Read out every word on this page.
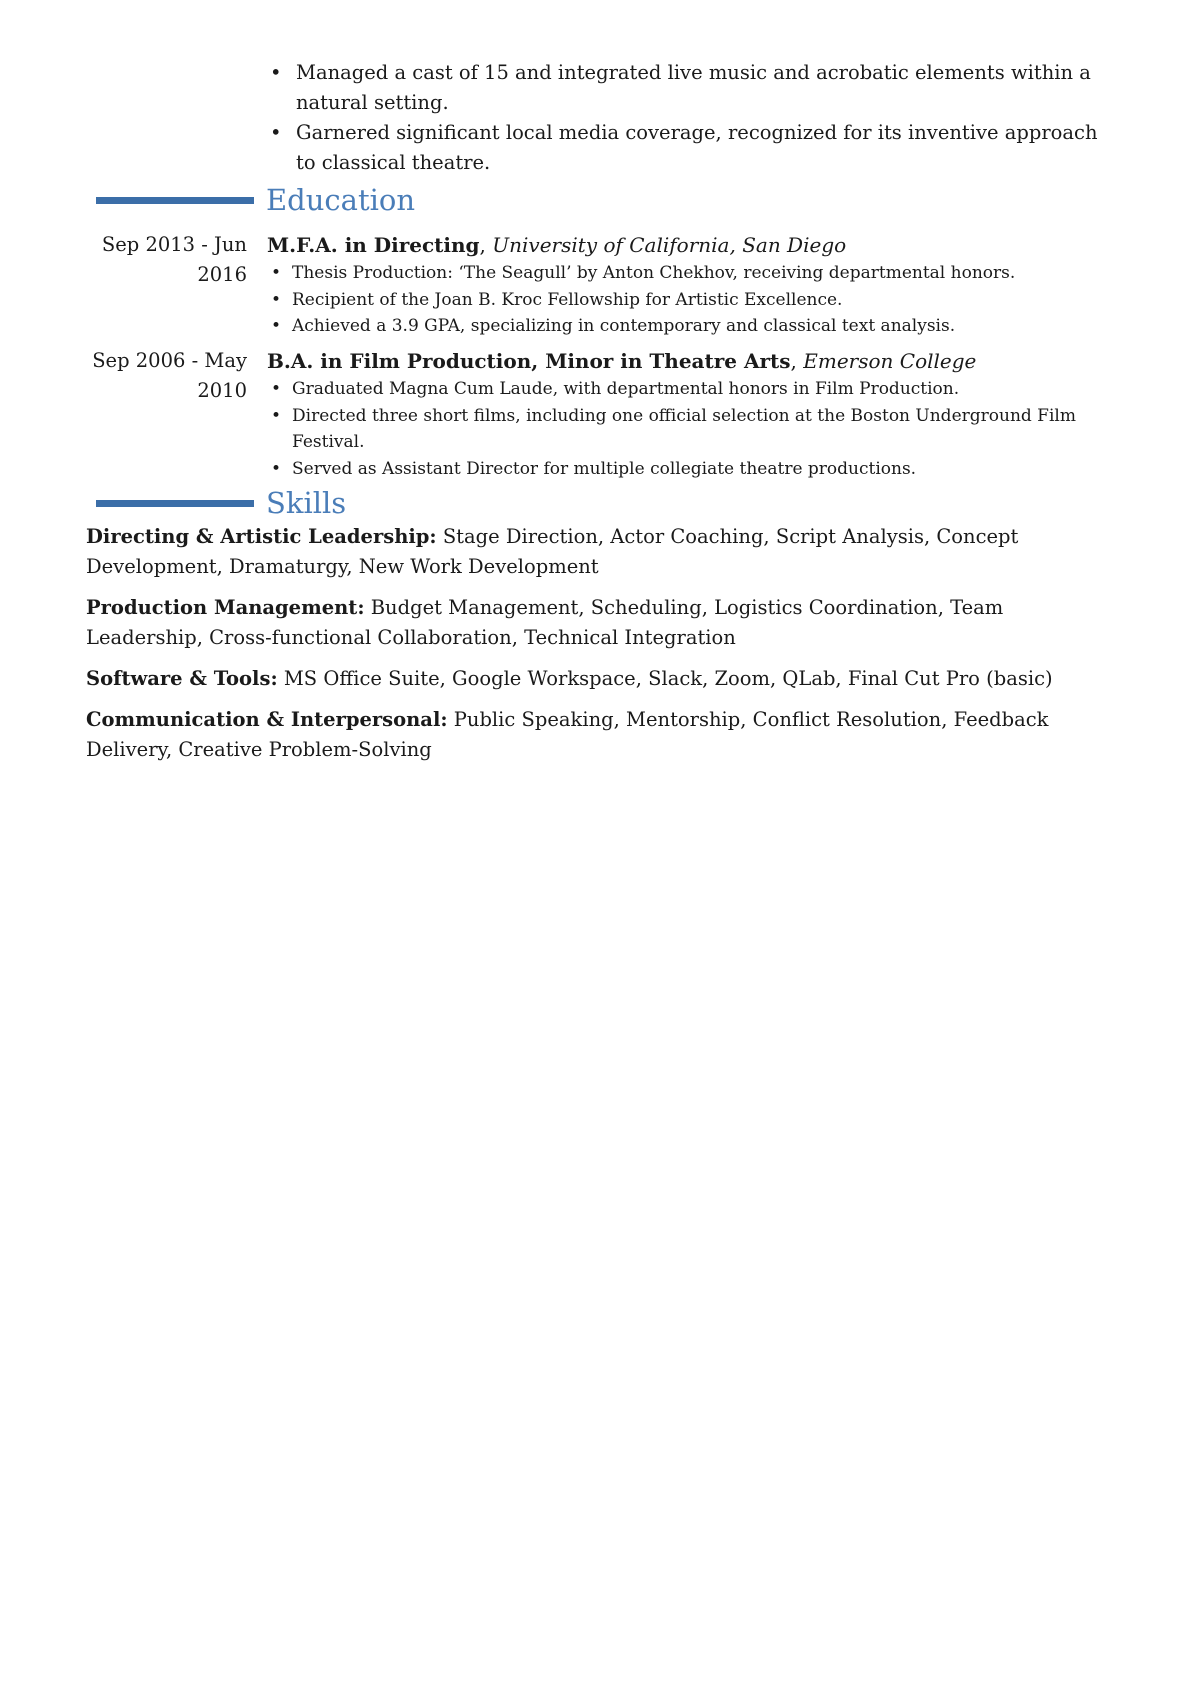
• Managed a cast of 15 and integrated live music and acrobatic elements within a natural setting.
• Garnered significant local media coverage, recognized for its inventive approach to classical theatre.
Education
Sep 2013 - Jun 2016
M.F.A. in Directing, University of California, San Diego
• Thesis Production: ‘The Seagull’ by Anton Chekhov, receiving departmental honors.
• Recipient of the Joan B. Kroc Fellowship for Artistic Excellence.
• Achieved a 3.9 GPA, specializing in contemporary and classical text analysis.
Sep 2006 - May 2010
B.A. in Film Production, Minor in Theatre Arts, Emerson College
• Graduated Magna Cum Laude, with departmental honors in Film Production.
• Directed three short films, including one official selection at the Boston Underground Film Festival.
• Served as Assistant Director for multiple collegiate theatre productions.
Skills
Directing & Artistic Leadership: Stage Direction, Actor Coaching, Script Analysis, Concept Development, Dramaturgy, New Work Development
Production Management: Budget Management, Scheduling, Logistics Coordination, Team Leadership, Cross-functional Collaboration, Technical Integration
Software & Tools: MS Office Suite, Google Workspace, Slack, Zoom, QLab, Final Cut Pro (basic)
Communication & Interpersonal: Public Speaking, Mentorship, Conflict Resolution, Feedback Delivery, Creative Problem-Solving
